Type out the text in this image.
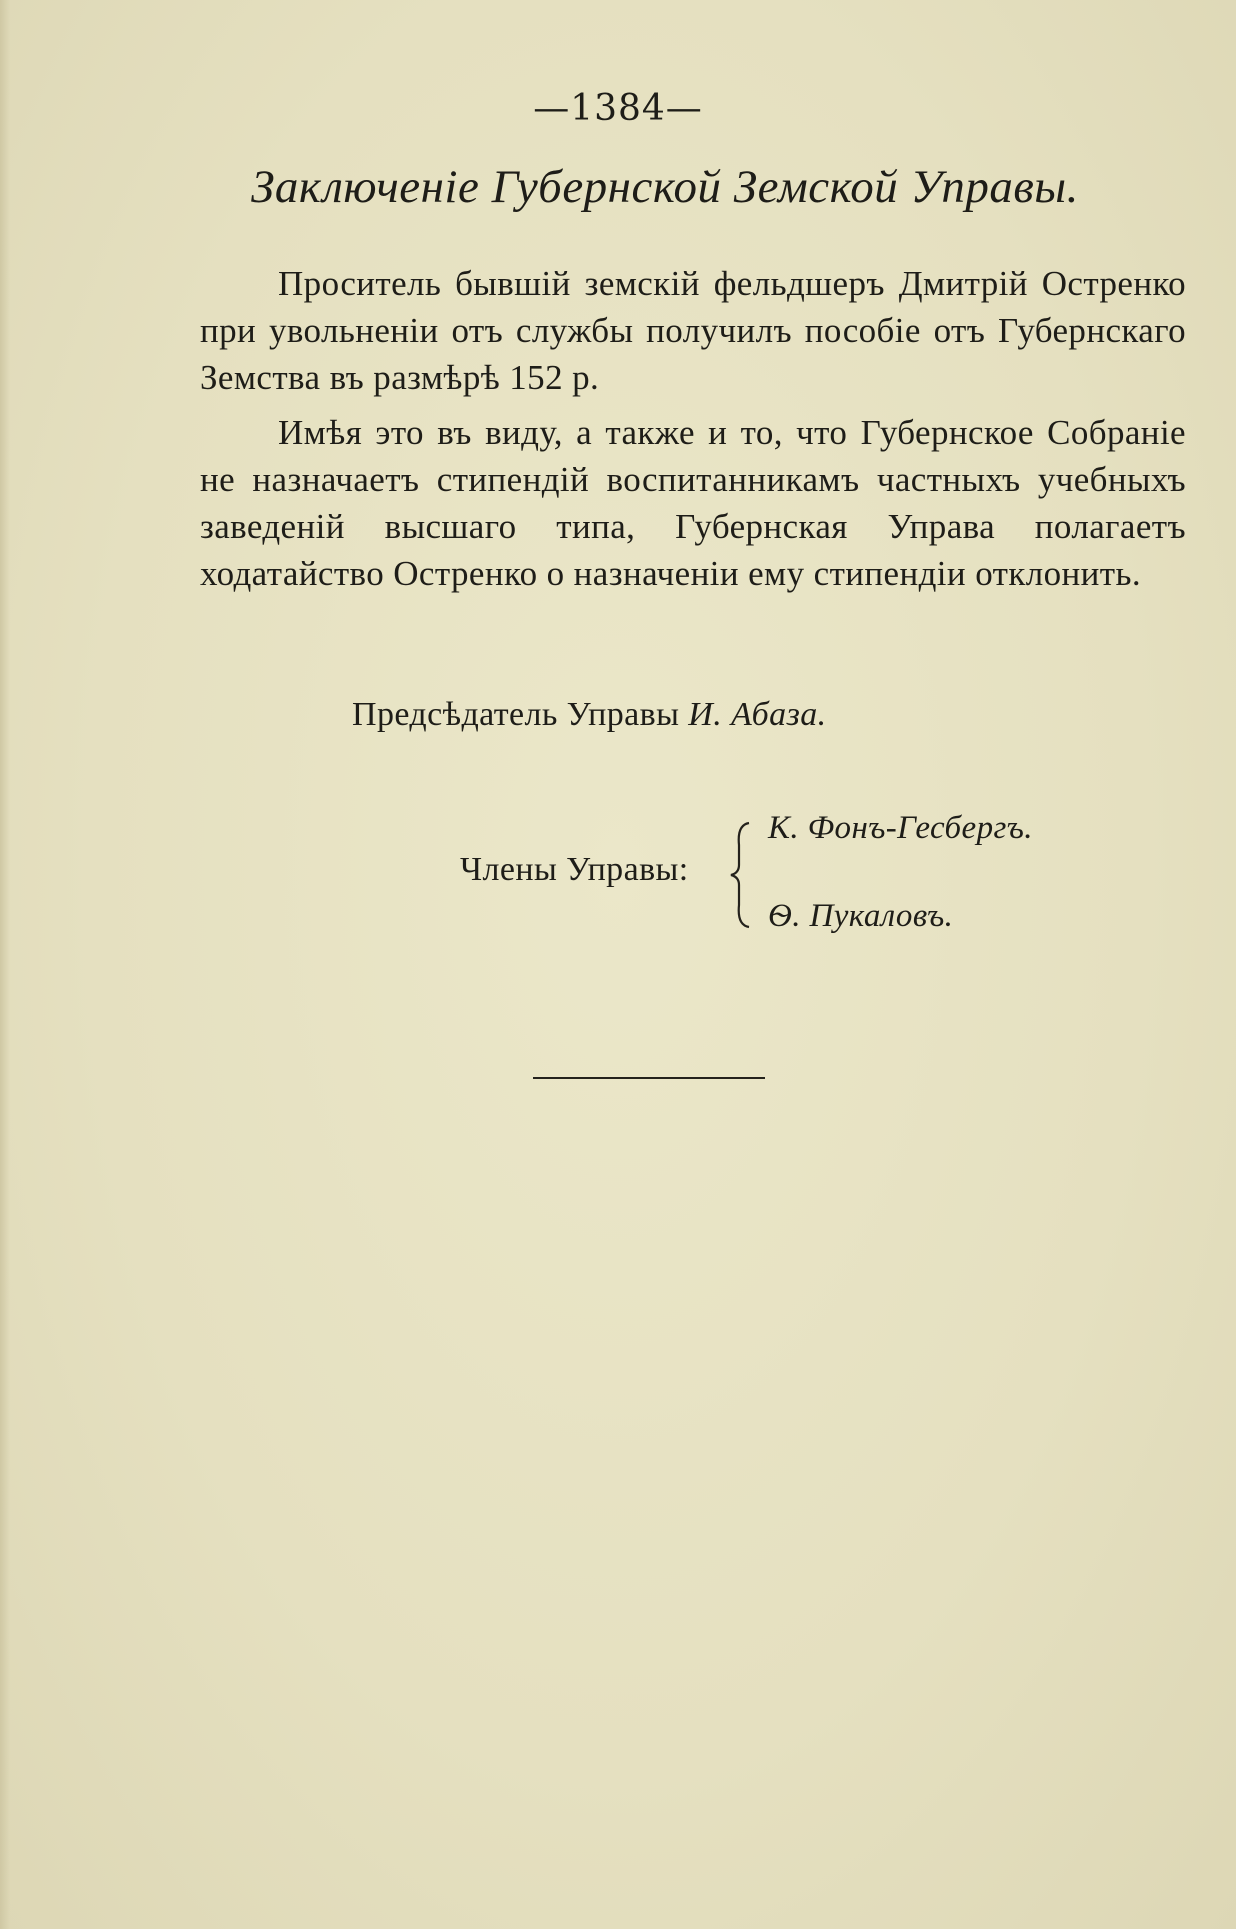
—1384—
Заключеніе Губернской Земской Управы.

Проситель бывшій земскій фельдшеръ Дмитрій Остренко при увольненіи отъ службы получилъ пособіе отъ Губернскаго Земства въ размѣрѣ 152 р.

Имѣя это въ виду, а также и то, что Губернское Собраніе не назначаетъ стипендій воспитанникамъ частныхъ учебныхъ заведеній высшаго типа, Губернская Управа полагаетъ ходатайство Остренко о назначеніи ему стипендіи отклонить.

Предсѣдатель Управы И. Абаза.
Члены Управы:
К. Фонъ-Гесбергъ.
Ѳ. Пукаловъ.
